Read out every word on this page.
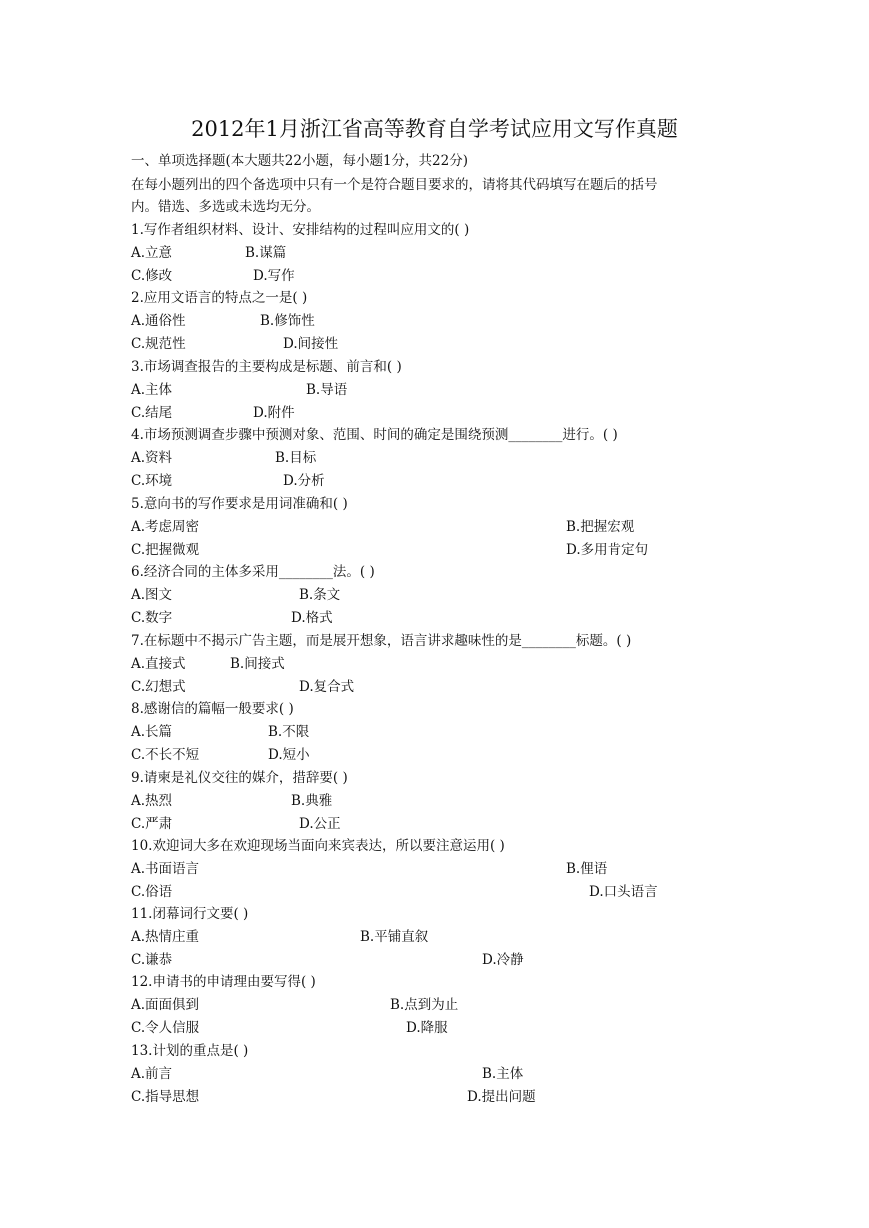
2012年1月浙江省高等教育自学考试应用文写作真题
一、单项选择题(本大题共22小题，每小题1分，共22分)
在每小题列出的四个备选项中只有一个是符合题目要求的，请将其代码填写在题后的括号
内。错选、多选或未选均无分。
1.写作者组织材料、设计、安排结构的过程叫应用文的( )
A.立意	B.谋篇
C.修改	D.写作
2.应用文语言的特点之一是( )
A.通俗性	B.修饰性
C.规范性	D.间接性
3.市场调查报告的主要构成是标题、前言和( )
A.主体	B.导语
C.结尾	D.附件
4.市场预测调查步骤中预测对象、范围、时间的确定是围绕预测________进行。( )
A.资料	B.目标
C.环境	D.分析
5.意向书的写作要求是用词准确和( )
A.考虑周密	B.把握宏观
C.把握微观	D.多用肯定句
6.经济合同的主体多采用________法。( )
A.图文	B.条文
C.数字	D.格式
7.在标题中不揭示广告主题，而是展开想象，语言讲求趣味性的是________标题。( )
A.直接式	B.间接式
C.幻想式	D.复合式
8.感谢信的篇幅一般要求( )
A.长篇	B.不限
C.不长不短	D.短小
9.请柬是礼仪交往的媒介，措辞要( )
A.热烈	B.典雅
C.严肃	D.公正
10.欢迎词大多在欢迎现场当面向来宾表达，所以要注意运用( )
A.书面语言	B.俚语
C.俗语	D.口头语言
11.闭幕词行文要( )
A.热情庄重	B.平铺直叙
C.谦恭	D.冷静
12.申请书的申请理由要写得( )
A.面面俱到	B.点到为止
C.令人信服	D.降服
13.计划的重点是( )
A.前言	B.主体
C.指导思想	D.提出问题
